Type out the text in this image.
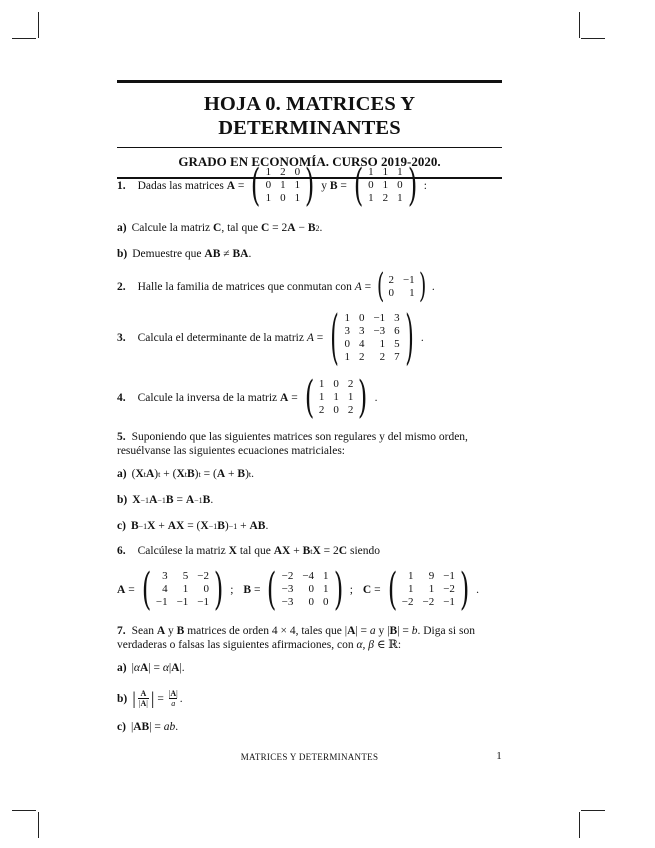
HOJA 0. MATRICES Y DETERMINANTES
GRADO EN ECONOMÍA. CURSO 2019-2020.
1. Dadas las matrices
A = ( 1 2 0
0 1 1
1 0 1 ) y B = ( 1 1 1
0 1 0
1 2 1 ) :
a) Calcule la matriz
C , tal que
C = 2 A − B 2 .
b) Demuestre que
AB ≠ BA .
2. Halle la familia de matrices que conmutan con
A = ( 2 −1
0	1 ) .
3. Calcula el determinante de la matriz
A = ( 1 0 −1 3
3 3 −3 6
0 4	1 5
1 2	2 7 ) .
4. Calcule la inversa de la matriz
A = ( 1 0 2
1 1 1
2 0 2 ) .
5. Suponiendo que las siguientes matrices son regulares y del mismo orden, resuélvanse las siguientes ecuaciones matriciales:
a) ( X t A ) t + ( X t B ) t = ( A + B ) t .
b) X −1 A −1 B = A −1 B .
c) B −1 X + AX = ( X −1 B ) −1 + AB .
6. Calcúlese la matriz
X
tal que
AX + B t X = 2 C
siendo
A = (	3	5 −2
4	1	0
−1 −1 −1 ) ; B = ( −2 −4 1
−3	0 1
−3	0 0 ) ; C = (	1	9 −1
1	1 −2
−2 −2 −1 ) .
7. Sean A y B matrices de orden 4 × 4, tales que |A| = a y |B| = b. Diga si son verdaderas o falsas las siguientes afirmaciones, con α, β ∈ ℝ:
a) | α A | = α | A |.
b) | A
|A| | = |A|
a .
c) | AB | = ab .
MATRICES Y DETERMINANTES	1
